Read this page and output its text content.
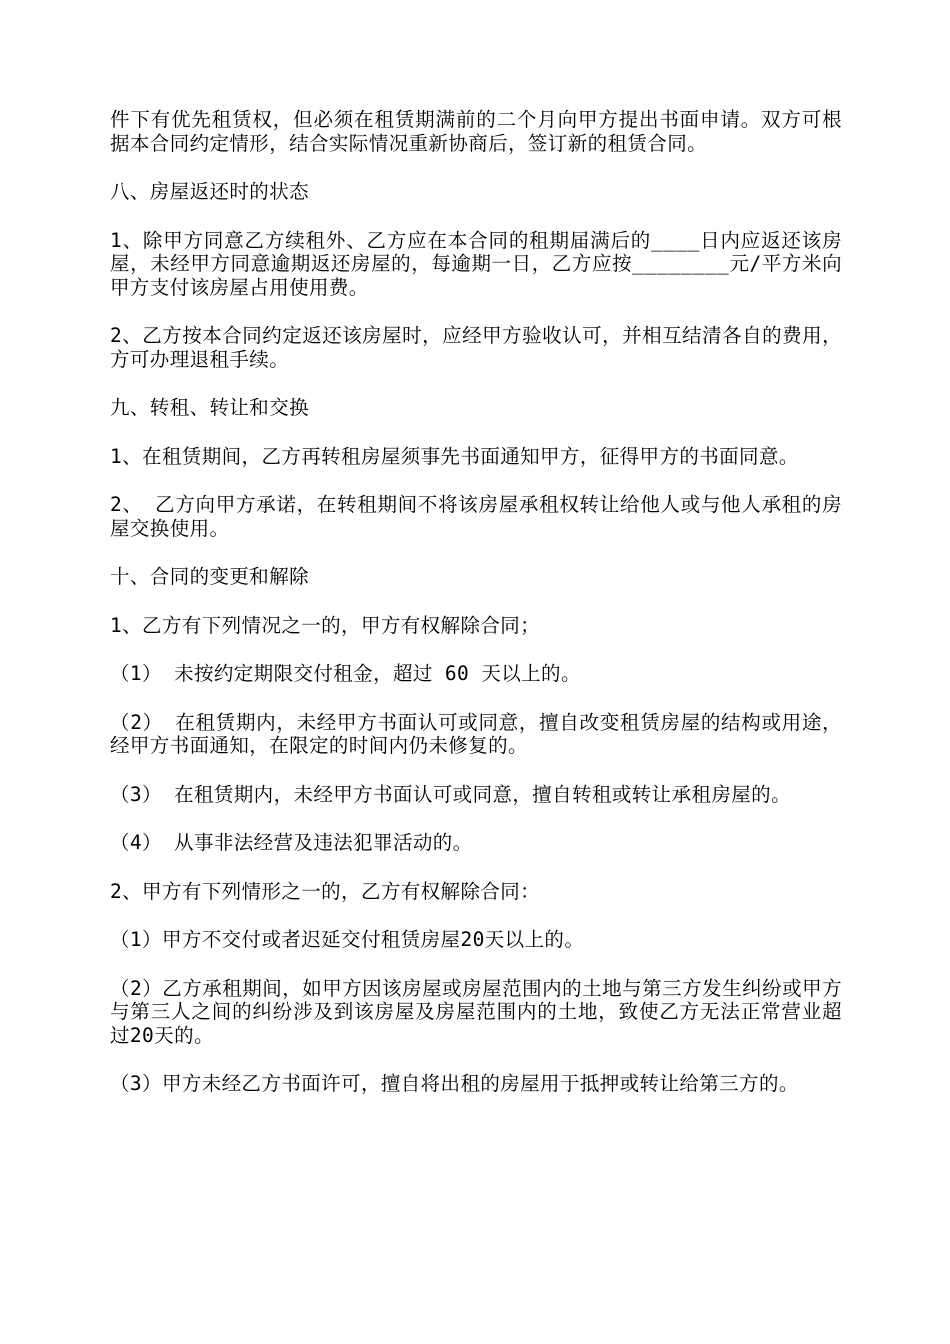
件下有优先租赁权，但必须在租赁期满前的二个月向甲方提出书面申请。双方可根据本合同约定情形，结合实际情况重新协商后，签订新的租赁合同。

八、房屋返还时的状态

1、除甲方同意乙方续租外、乙方应在本合同的租期届满后的____日内应返还该房屋，未经甲方同意逾期返还房屋的，每逾期一日，乙方应按________元/平方米向甲方支付该房屋占用使用费。

2、乙方按本合同约定返还该房屋时，应经甲方验收认可，并相互结清各自的费用，方可办理退租手续。

九、转租、转让和交换

1、在租赁期间，乙方再转租房屋须事先书面通知甲方，征得甲方的书面同意。

2、 乙方向甲方承诺，在转租期间不将该房屋承租权转让给他人或与他人承租的房屋交换使用。

十、合同的变更和解除

1、乙方有下列情况之一的，甲方有权解除合同；

（1） 未按约定期限交付租金，超过 60 天以上的。

（2） 在租赁期内，未经甲方书面认可或同意，擅自改变租赁房屋的结构或用途，经甲方书面通知，在限定的时间内仍未修复的。

（3） 在租赁期内，未经甲方书面认可或同意，擅自转租或转让承租房屋的。

（4） 从事非法经营及违法犯罪活动的。

2、甲方有下列情形之一的，乙方有权解除合同：

（1）甲方不交付或者迟延交付租赁房屋20天以上的。

（2）乙方承租期间，如甲方因该房屋或房屋范围内的土地与第三方发生纠纷或甲方与第三人之间的纠纷涉及到该房屋及房屋范围内的土地，致使乙方无法正常营业超过20天的。

（3）甲方未经乙方书面许可，擅自将出租的房屋用于抵押或转让给第三方的。
